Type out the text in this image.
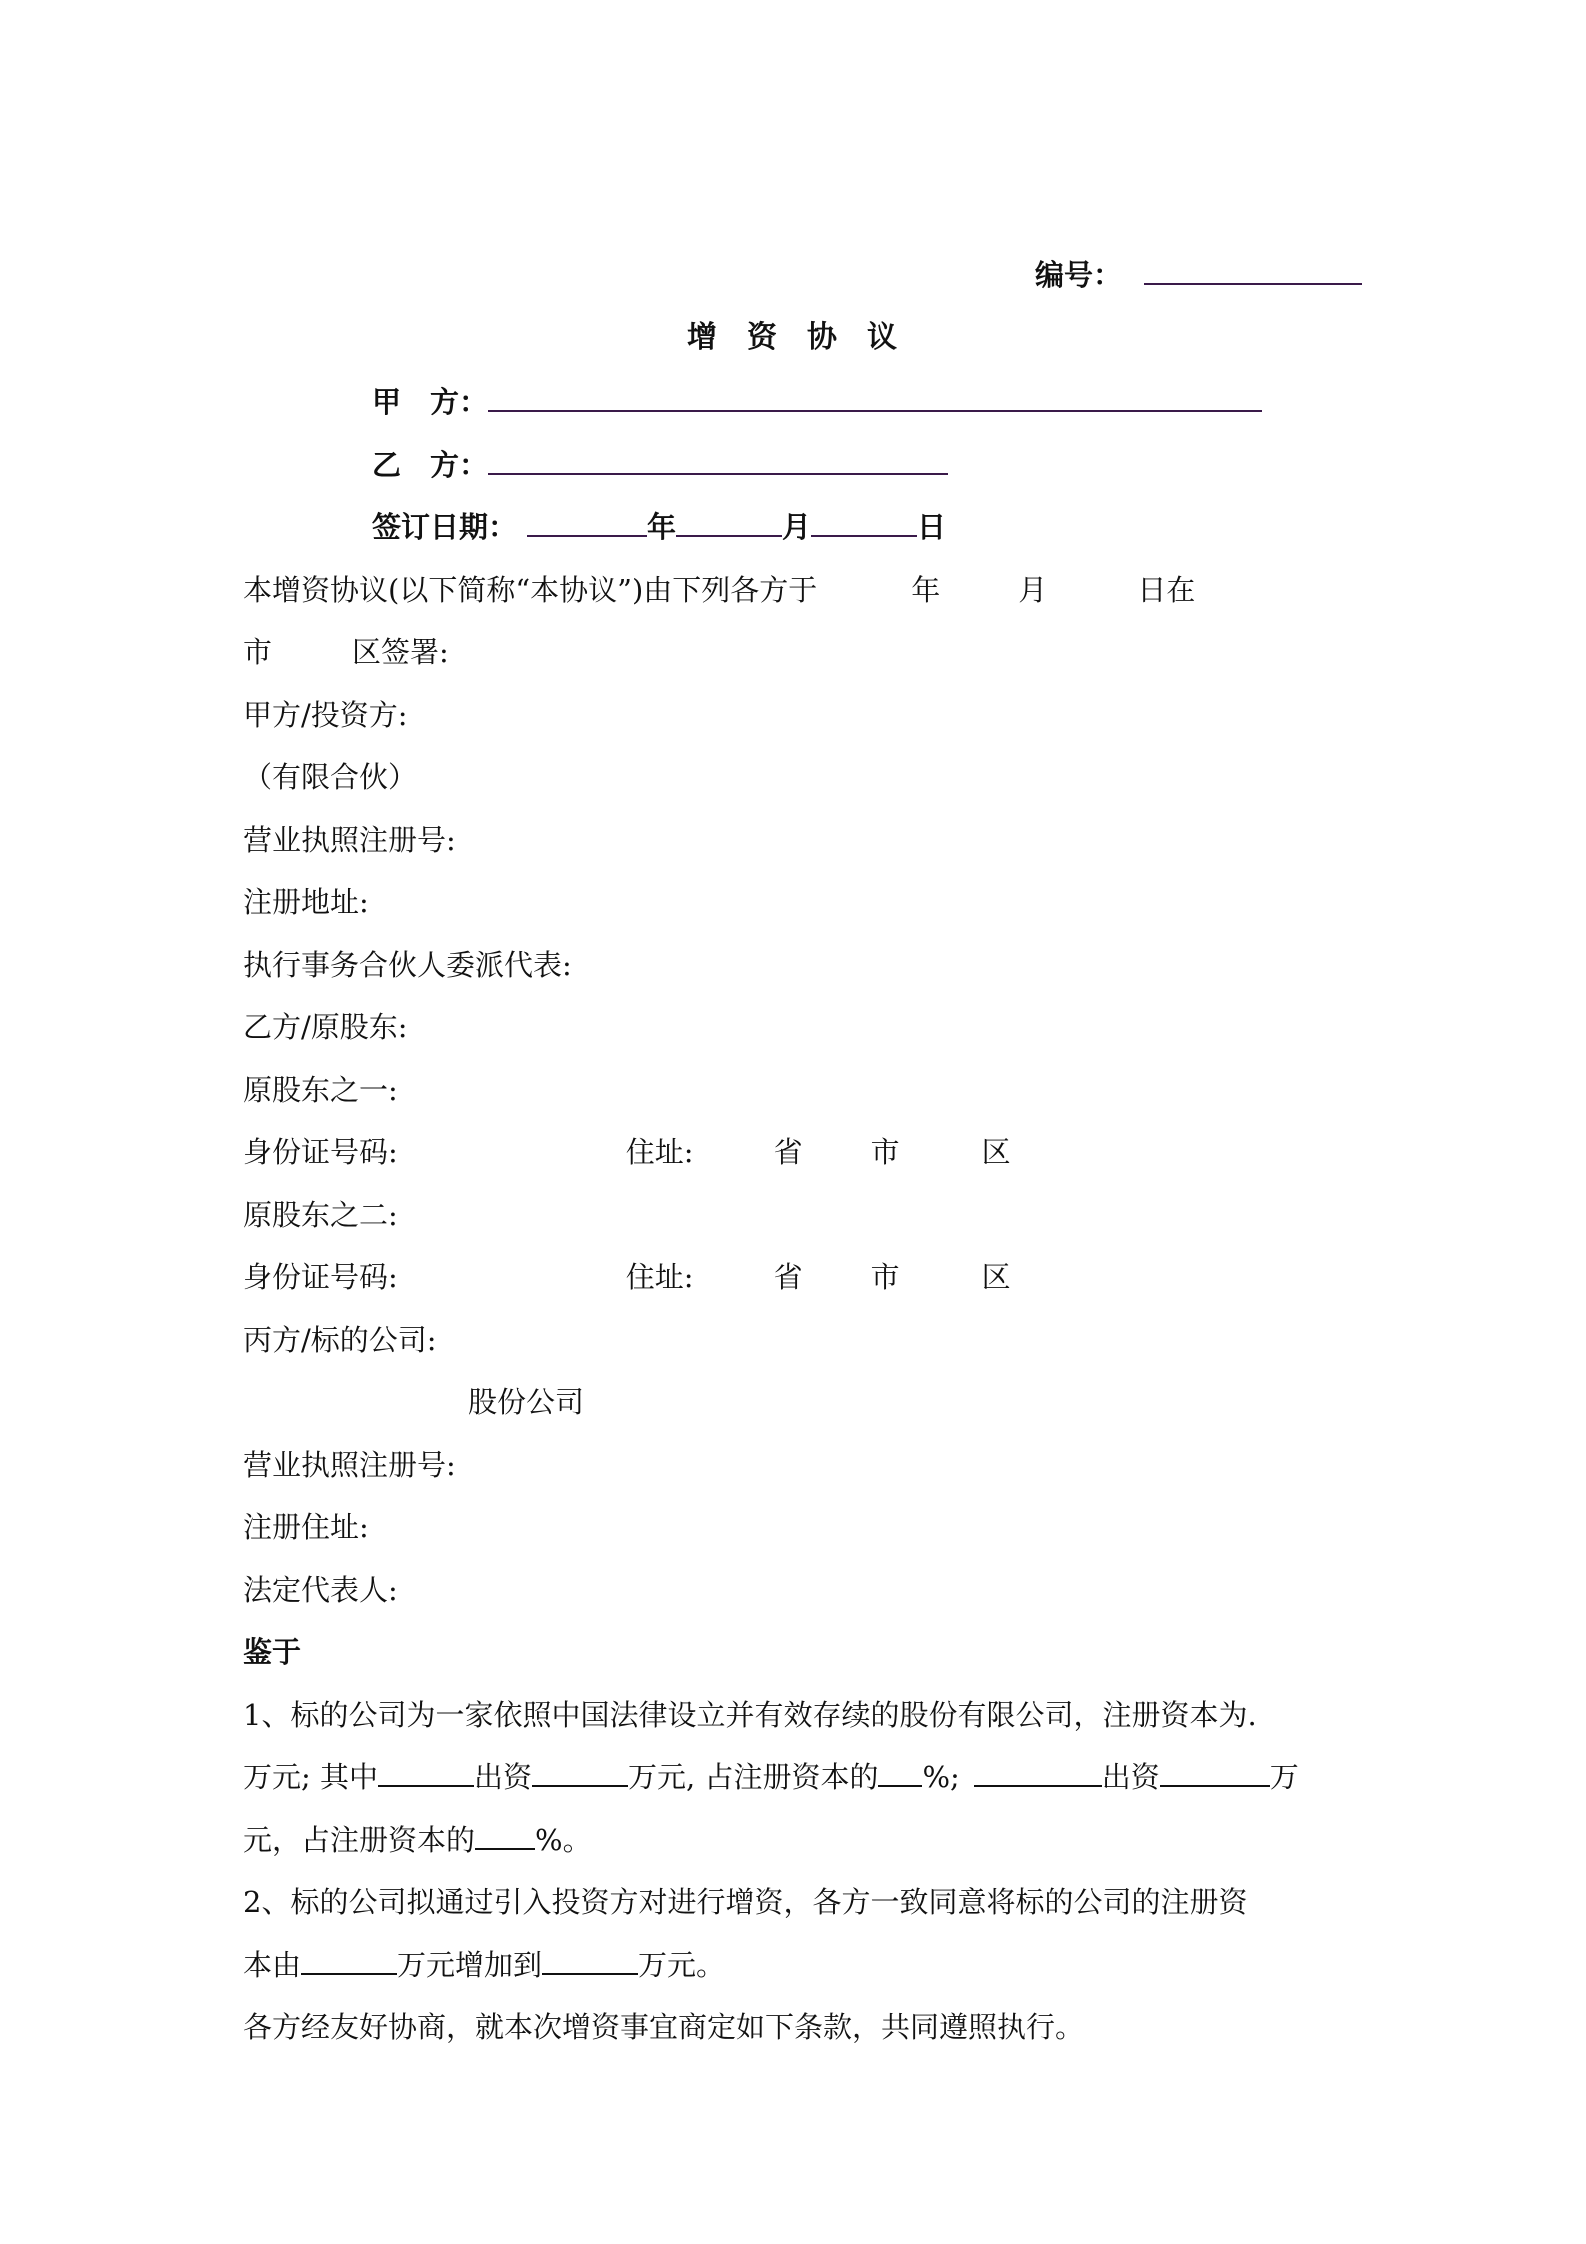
编号：
增　资　协　议
甲　方：
乙　方：
签订日期：	年	月	日
本增资协议(以下简称“本协议”)由下列各方于	年	月	日在
市	区签署:
甲方/投资方:
（有限合伙）
营业执照注册号:
注册地址:
执行事务合伙人委派代表:
乙方/原股东:
原股东之一:
身份证号码:	住址:	省 市	区
原股东之二:
身份证号码:	住址:	省 市	区
丙方/标的公司:
股份公司
营业执照注册号:
注册住址:
法定代表人:
鉴于
1、标的公司为一家依照中国法律设立并有效存续的股份有限公司，注册资本为.
万元; 其中	出资	万元, 占注册资本的 %;	出资	万
元，占注册资本的 %。
2、标的公司拟通过引入投资方对进行增资，各方一致同意将标的公司的注册资
本由	万元增加到	万元。
各方经友好协商，就本次增资事宜商定如下条款，共同遵照执行。
